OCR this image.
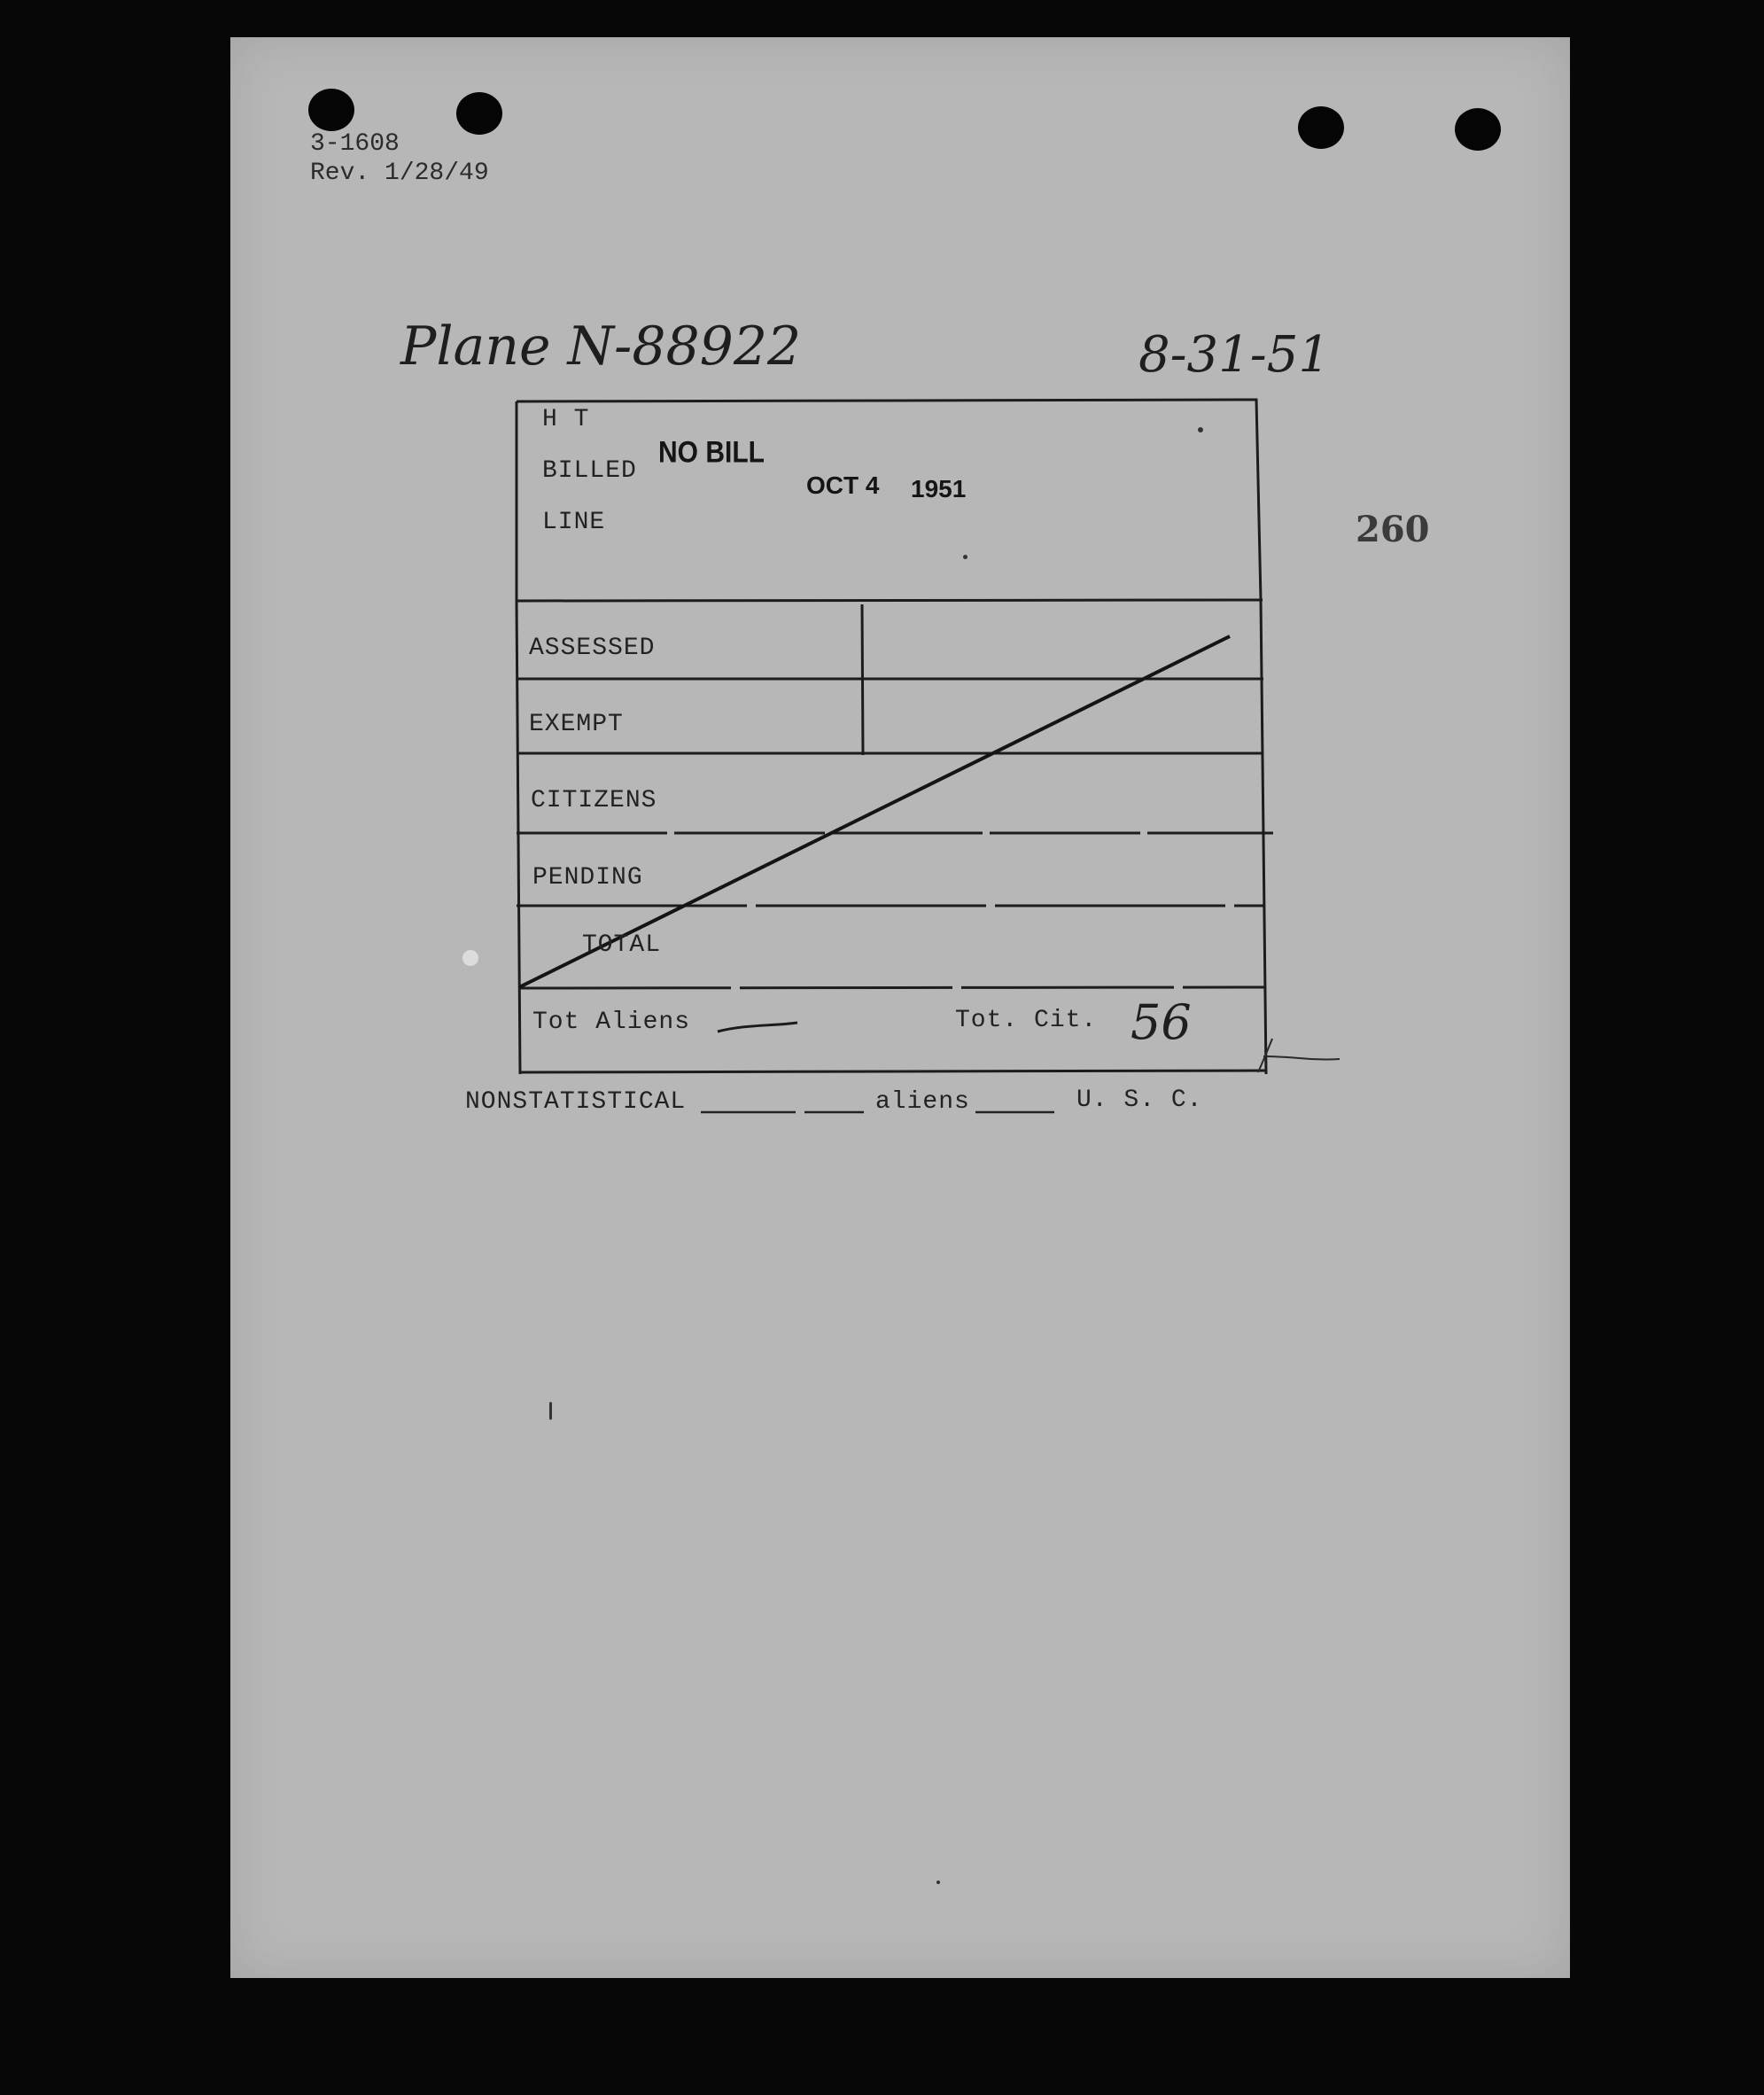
3-1608
Rev. 1/28/49
Plane N-88922	8-31-51
260
H T
BILLED
LINE
NO BILL
OCT 4 1951
ASSESSED
EXEMPT
CITIZENS
PENDING
TOTAL
Tot Aliens	Tot. Cit. 56
NONSTATISTICAL	aliens	U. S. C.
